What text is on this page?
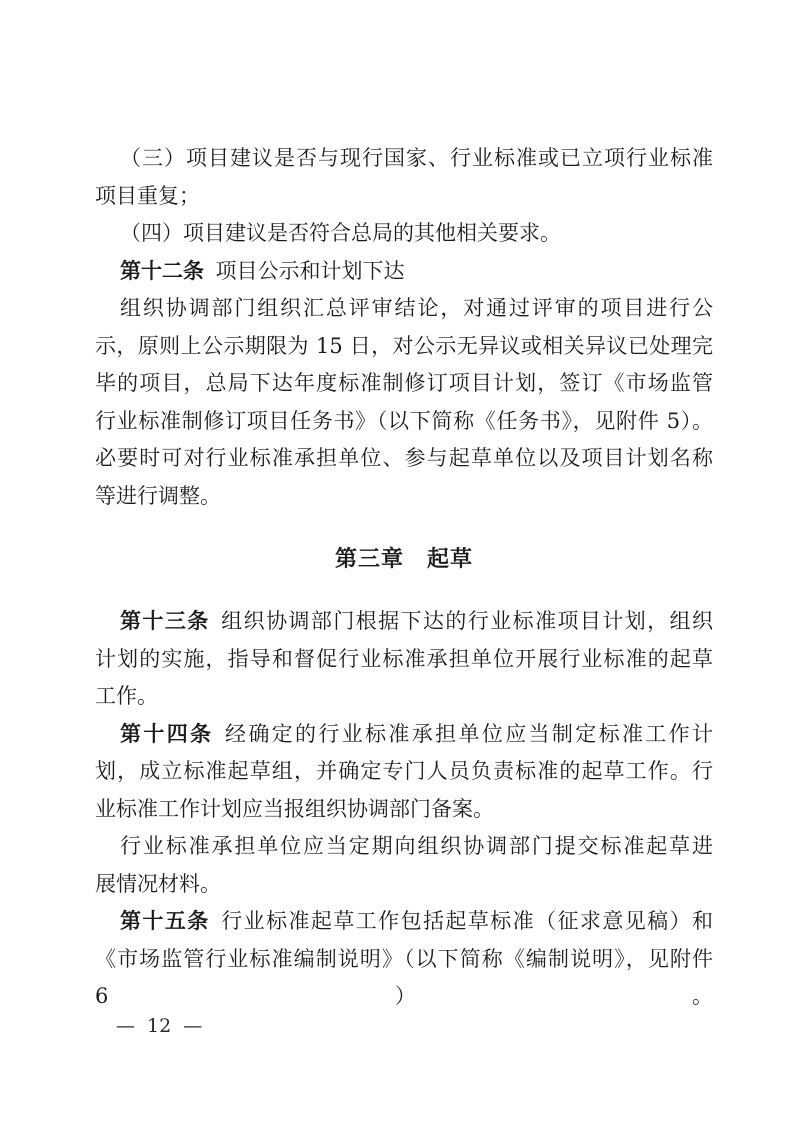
（三）项目建议是否与现行国家、行业标准或已立项行业标准
项目重复；
（四）项目建议是否符合总局的其他相关要求。
第十二条 项目公示和计划下达
组织协调部门组织汇总评审结论，对通过评审的项目进行公
示，原则上公示期限为 15 日，对公示无异议或相关异议已处理完
毕的项目，总局下达年度标准制修订项目计划，签订《市场监管
行业标准制修订项目任务书》（以下简称《任务书》，见附件 5）。
必要时可对行业标准承担单位、参与起草单位以及项目计划名称
等进行调整。
第三章　起草
第十三条 组织协调部门根据下达的行业标准项目计划，组织
计划的实施，指导和督促行业标准承担单位开展行业标准的起草
工作。
第十四条 经确定的行业标准承担单位应当制定标准工作计
划，成立标准起草组，并确定专门人员负责标准的起草工作。行
业标准工作计划应当报组织协调部门备案。
行业标准承担单位应当定期向组织协调部门提交标准起草进
展情况材料。
第十五条 行业标准起草工作包括起草标准（征求意见稿）和
《市场监管行业标准编制说明》（以下简称《编制说明》，见附件 6）。
— 12 —
